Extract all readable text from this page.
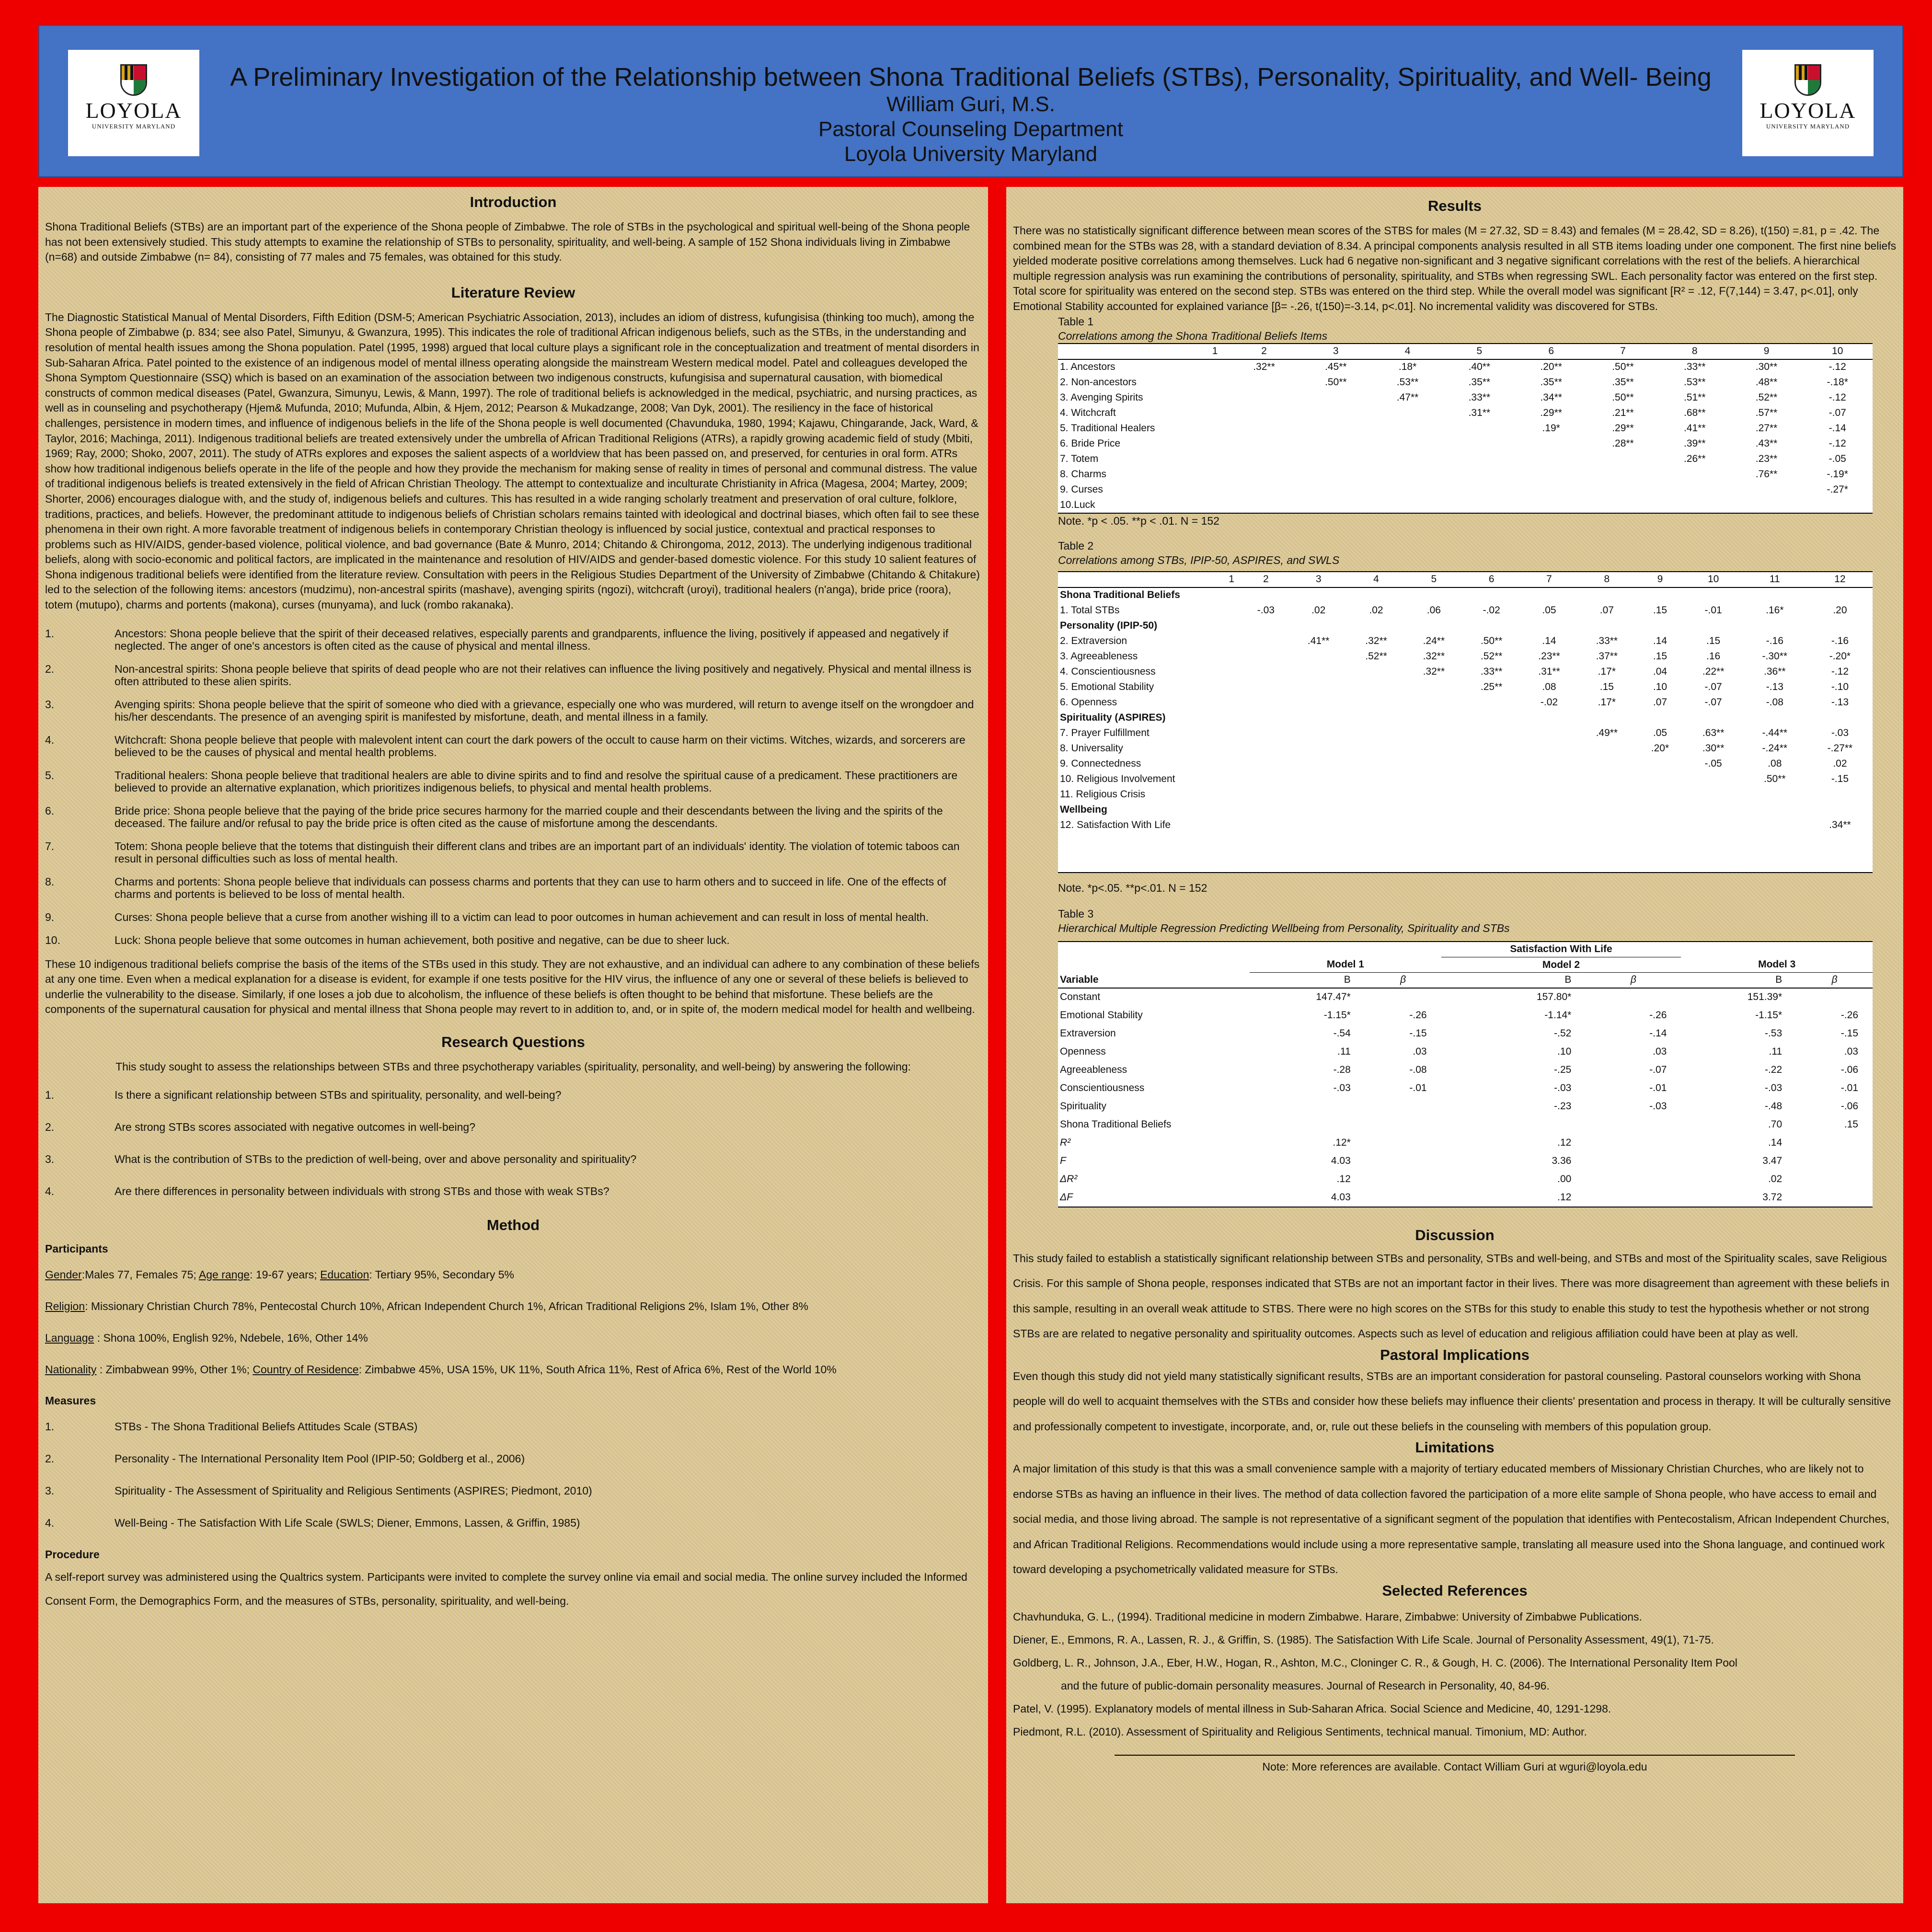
LOYOLA
UNIVERSITY MARYLAND
A Preliminary Investigation of the Relationship between Shona Traditional Beliefs (STBs), Personality, Spirituality, and Well- Being
William Guri, M.S.
Pastoral Counseling Department
Loyola University Maryland
LOYOLA
UNIVERSITY MARYLAND
Introduction

Shona Traditional Beliefs (STBs) are an important part of the experience of the Shona people of Zimbabwe. The role of STBs in the psychological and spiritual well-being of the Shona people has not been extensively studied. This study attempts to examine the relationship of STBs to personality, spirituality, and well-being. A sample of 152 Shona individuals living in Zimbabwe (n=68) and outside Zimbabwe (n= 84), consisting of 77 males and 75 females, was obtained for this study.

Literature Review

The Diagnostic Statistical Manual of Mental Disorders, Fifth Edition (DSM-5; American Psychiatric Association, 2013), includes an idiom of distress, kufungisisa (thinking too much), among the Shona people of Zimbabwe (p. 834; see also Patel, Simunyu, & Gwanzura, 1995). This indicates the role of traditional African indigenous beliefs, such as the STBs, in the understanding and resolution of mental health issues among the Shona population. Patel (1995, 1998) argued that local culture plays a significant role in the conceptualization and treatment of mental disorders in Sub-Saharan Africa. Patel pointed to the existence of an indigenous model of mental illness operating alongside the mainstream Western medical model. Patel and colleagues developed the Shona Symptom Questionnaire (SSQ) which is based on an examination of the association between two indigenous constructs, kufungisisa and supernatural causation, with biomedical constructs of common medical diseases (Patel, Gwanzura, Simunyu, Lewis, & Mann, 1997). The role of traditional beliefs is acknowledged in the medical, psychiatric, and nursing practices, as well as in counseling and psychotherapy (Hjem& Mufunda, 2010; Mufunda, Albin, & Hjem, 2012; Pearson & Mukadzange, 2008; Van Dyk, 2001). The resiliency in the face of historical challenges, persistence in modern times, and influence of indigenous beliefs in the life of the Shona people is well documented (Chavunduka, 1980, 1994; Kajawu, Chingarande, Jack, Ward, & Taylor, 2016; Machinga, 2011). Indigenous traditional beliefs are treated extensively under the umbrella of African Traditional Religions (ATRs), a rapidly growing academic field of study (Mbiti, 1969; Ray, 2000; Shoko, 2007, 2011). The study of ATRs explores and exposes the salient aspects of a worldview that has been passed on, and preserved, for centuries in oral form. ATRs show how traditional indigenous beliefs operate in the life of the people and how they provide the mechanism for making sense of reality in times of personal and communal distress. The value of traditional indigenous beliefs is treated extensively in the field of African Christian Theology. The attempt to contextualize and inculturate Christianity in Africa (Magesa, 2004; Martey, 2009; Shorter, 2006) encourages dialogue with, and the study of, indigenous beliefs and cultures. This has resulted in a wide ranging scholarly treatment and preservation of oral culture, folklore, traditions, practices, and beliefs. However, the predominant attitude to indigenous beliefs of Christian scholars remains tainted with ideological and doctrinal biases, which often fail to see these phenomena in their own right. A more favorable treatment of indigenous beliefs in contemporary Christian theology is influenced by social justice, contextual and practical responses to problems such as HIV/AIDS, gender-based violence, political violence, and bad governance (Bate & Munro, 2014; Chitando & Chirongoma, 2012, 2013). The underlying indigenous traditional beliefs, along with socio-economic and political factors, are implicated in the maintenance and resolution of HIV/AIDS and gender-based domestic violence. For this study 10 salient features of Shona indigenous traditional beliefs were identified from the literature review. Consultation with peers in the Religious Studies Department of the University of Zimbabwe (Chitando & Chitakure) led to the selection of the following items: ancestors (mudzimu), non-ancestral spirits (mashave), avenging spirits (ngozi), witchcraft (uroyi), traditional healers (n'anga), bride price (roora), totem (mutupo), charms and portents (makona), curses (munyama), and luck (rombo rakanaka).

1.	Ancestors: Shona people believe that the spirit of their deceased relatives, especially parents and grandparents, influence the living, positively if appeased and negatively if neglected. The anger of one's ancestors is often cited as the cause of physical and mental illness.
2.	Non-ancestral spirits: Shona people believe that spirits of dead people who are not their relatives can influence the living positively and negatively. Physical and mental illness is often attributed to these alien spirits.
3.	Avenging spirits: Shona people believe that the spirit of someone who died with a grievance, especially one who was murdered, will return to avenge itself on the wrongdoer and his/her descendants. The presence of an avenging spirit is manifested by misfortune, death, and mental illness in a family.
4.	Witchcraft: Shona people believe that people with malevolent intent can court the dark powers of the occult to cause harm on their victims. Witches, wizards, and sorcerers are believed to be the causes of physical and mental health problems.
5.	Traditional healers: Shona people believe that traditional healers are able to divine spirits and to find and resolve the spiritual cause of a predicament. These practitioners are believed to provide an alternative explanation, which prioritizes indigenous beliefs, to physical and mental health problems.
6.	Bride price: Shona people believe that the paying of the bride price secures harmony for the married couple and their descendants between the living and the spirits of the deceased. The failure and/or refusal to pay the bride price is often cited as the cause of misfortune among the descendants.
7.	Totem: Shona people believe that the totems that distinguish their different clans and tribes are an important part of an individuals' identity. The violation of totemic taboos can result in personal difficulties such as loss of mental health.
8.	Charms and portents: Shona people believe that individuals can possess charms and portents that they can use to harm others and to succeed in life. One of the effects of charms and portents is believed to be loss of mental health.
9.	Curses: Shona people believe that a curse from another wishing ill to a victim can lead to poor outcomes in human achievement and can result in loss of mental health.
10.	Luck: Shona people believe that some outcomes in human achievement, both positive and negative, can be due to sheer luck.

These 10 indigenous traditional beliefs comprise the basis of the items of the STBs used in this study. They are not exhaustive, and an individual can adhere to any combination of these beliefs at any one time. Even when a medical explanation for a disease is evident, for example if one tests positive for the HIV virus, the influence of any one or several of these beliefs is believed to underlie the vulnerability to the disease. Similarly, if one loses a job due to alcoholism, the influence of these beliefs is often thought to be behind that misfortune. These beliefs are the components of the supernatural causation for physical and mental illness that Shona people may revert to in addition to, and, or in spite of, the modern medical model for health and wellbeing.

Research Questions

This study sought to assess the relationships between STBs and three psychotherapy variables (spirituality, personality, and well-being) by answering the following:

1.	Is there a significant relationship between STBs and spirituality, personality, and well-being?
2.	Are strong STBs scores associated with negative outcomes in well-being?
3.	What is the contribution of STBs to the prediction of well-being, over and above personality and spirituality?
4.	Are there differences in personality between individuals with strong STBs and those with weak STBs?
Method
Participants
Gender:Males 77, Females 75; Age range: 19-67 years; Education: Tertiary 95%, Secondary 5%
Religion: Missionary Christian Church 78%, Pentecostal Church 10%, African Independent Church 1%, African Traditional Religions 2%, Islam 1%, Other 8%
Language : Shona 100%, English 92%, Ndebele, 16%, Other 14%
Nationality : Zimbabwean 99%, Other 1%; Country of Residence: Zimbabwe 45%, USA 15%, UK 11%, South Africa 11%, Rest of Africa 6%, Rest of the World 10%
Measures
1.	STBs - The Shona Traditional Beliefs Attitudes Scale (STBAS)
2.	Personality - The International Personality Item Pool (IPIP-50; Goldberg et al., 2006)
3.	Spirituality - The Assessment of Spirituality and Religious Sentiments (ASPIRES; Piedmont, 2010)
4.	Well-Being - The Satisfaction With Life Scale (SWLS; Diener, Emmons, Lassen, & Griffin, 1985)
Procedure

A self-report survey was administered using the Qualtrics system. Participants were invited to complete the survey online via email and social media. The online survey included the Informed Consent Form, the Demographics Form, and the measures of STBs, personality, spirituality, and well-being.

Results

There was no statistically significant difference between mean scores of the STBS for males (M = 27.32, SD = 8.43) and females (M = 28.42, SD = 8.26), t(150) =.81, p = .42. The combined mean for the STBs was 28, with a standard deviation of 8.34. A principal components analysis resulted in all STB items loading under one component. The first nine beliefs yielded moderate positive correlations among themselves. Luck had 6 negative non-significant and 3 negative significant correlations with the rest of the beliefs. A hierarchical multiple regression analysis was run examining the contributions of personality, spirituality, and STBs when regressing SWL. Each personality factor was entered on the first step. Total score for spirituality was entered on the second step. STBs was entered on the third step. While the overall model was significant [R² = .12, F(7,144) = 3.47, p<.01], only Emotional Stability accounted for explained variance [β= -.26, t(150)=-3.14, p<.01]. No incremental validity was discovered for STBs.

Table 1
Correlations among the Shona Traditional Beliefs Items
	1	2	3	4	5	6	7	8	9	10
1. Ancestors		.32**	.45**	.18*	.40**	.20**	.50**	.33**	.30**	-.12
2. Non-ancestors			.50**	.53**	.35**	.35**	.35**	.53**	.48**	-.18*
3. Avenging Spirits				.47**	.33**	.34**	.50**	.51**	.52**	-.12
4. Witchcraft					.31**	.29**	.21**	.68**	.57**	-.07
5. Traditional Healers						.19*	.29**	.41**	.27**	-.14
6. Bride Price							.28**	.39**	.43**	-.12
7. Totem								.26**	.23**	-.05
8. Charms									.76**	-.19*
9. Curses										-.27*
10.Luck										
Note. *p < .05. **p < .01. N = 152
Table 2
Correlations among STBs, IPIP-50, ASPIRES, and SWLS
	1	2	3	4	5	6	7	8	9	10	11	12
Shona Traditional Beliefs												
1. Total STBs		-.03	.02	.02	.06	-.02	.05	.07	.15	-.01	.16*	.20
Personality (IPIP-50)												
2. Extraversion			.41**	.32**	.24**	.50**	.14	.33**	.14	.15	-.16	-.16
3. Agreeableness				.52**	.32**	.52**	.23**	.37**	.15	.16	-.30**	-.20*
4. Conscientiousness					.32**	.33**	.31**	.17*	.04	.22**	.36**	-.12
5. Emotional Stability						.25**	.08	.15	.10	-.07	-.13	-.10
6. Openness							-.02	.17*	.07	-.07	-.08	-.13
Spirituality (ASPIRES)												
7. Prayer Fulfillment								.49**	.05	.63**	-.44**	-.03
8. Universality									.20*	.30**	-.24**	-.27**
9. Connectedness										-.05	.08	.02
10. Religious Involvement											.50**	-.15
11. Religious Crisis												
Wellbeing												
12. Satisfaction With Life												.34**
Note. *p<.05. **p<.01. N = 152
Table 3
Hierarchical Multiple Regression Predicting Wellbeing from Personality, Spirituality and STBs
			Satisfaction With Life			
	Model 1		Model 2		Model 3	
Variable	B	β	B	β	B	β
Constant	147.47*		157.80*		151.39*	
Emotional Stability	-1.15*	-.26	-1.14*	-.26	-1.15*	-.26
Extraversion	-.54	-.15	-.52	-.14	-.53	-.15
Openness	.11	.03	.10	.03	.11	.03
Agreeableness	-.28	-.08	-.25	-.07	-.22	-.06
Conscientiousness	-.03	-.01	-.03	-.01	-.03	-.01
Spirituality			-.23	-.03	-.48	-.06
Shona Traditional Beliefs					.70	.15
R²	.12*		.12		.14	
F	4.03		3.36		3.47	
ΔR²	.12		.00		.02	
ΔF	4.03		.12		3.72	
Discussion

This study failed to establish a statistically significant relationship between STBs and personality, STBs and well-being, and STBs and most of the Spirituality scales, save Religious Crisis. For this sample of Shona people, responses indicated that STBs are not an important factor in their lives. There was more disagreement than agreement with these beliefs in this sample, resulting in an overall weak attitude to STBS. There were no high scores on the STBs for this study to enable this study to test the hypothesis whether or not strong STBs are are related to negative personality and spirituality outcomes. Aspects such as level of education and religious affiliation could have been at play as well.

Pastoral Implications

Even though this study did not yield many statistically significant results, STBs are an important consideration for pastoral counseling. Pastoral counselors working with Shona people will do well to acquaint themselves with the STBs and consider how these beliefs may influence their clients' presentation and process in therapy. It will be culturally sensitive and professionally competent to investigate, incorporate, and, or, rule out these beliefs in the counseling with members of this population group.

Limitations

A major limitation of this study is that this was a small convenience sample with a majority of tertiary educated members of Missionary Christian Churches, who are likely not to endorse STBs as having an influence in their lives. The method of data collection favored the participation of a more elite sample of Shona people, who have access to email and social media, and those living abroad. The sample is not representative of a significant segment of the population that identifies with Pentecostalism, African Independent Churches, and African Traditional Religions. Recommendations would include using a more representative sample, translating all measure used into the Shona language, and continued work toward developing a psychometrically validated measure for STBs.

Selected References
Chavhunduka, G. L., (1994). Traditional medicine in modern Zimbabwe. Harare, Zimbabwe: University of Zimbabwe Publications.
Diener, E., Emmons, R. A., Lassen, R. J., & Griffin, S. (1985). The Satisfaction With Life Scale. Journal of Personality Assessment, 49(1), 71-75.
Goldberg, L. R., Johnson, J.A., Eber, H.W., Hogan, R., Ashton, M.C., Cloninger C. R., & Gough, H. C. (2006). The International Personality Item Pool
and the future of public-domain personality measures. Journal of Research in Personality, 40, 84-96.
Patel, V. (1995). Explanatory models of mental illness in Sub-Saharan Africa. Social Science and Medicine, 40, 1291-1298.
Piedmont, R.L. (2010). Assessment of Spirituality and Religious Sentiments, technical manual. Timonium, MD: Author.
Note: More references are available. Contact William Guri at wguri@loyola.edu
